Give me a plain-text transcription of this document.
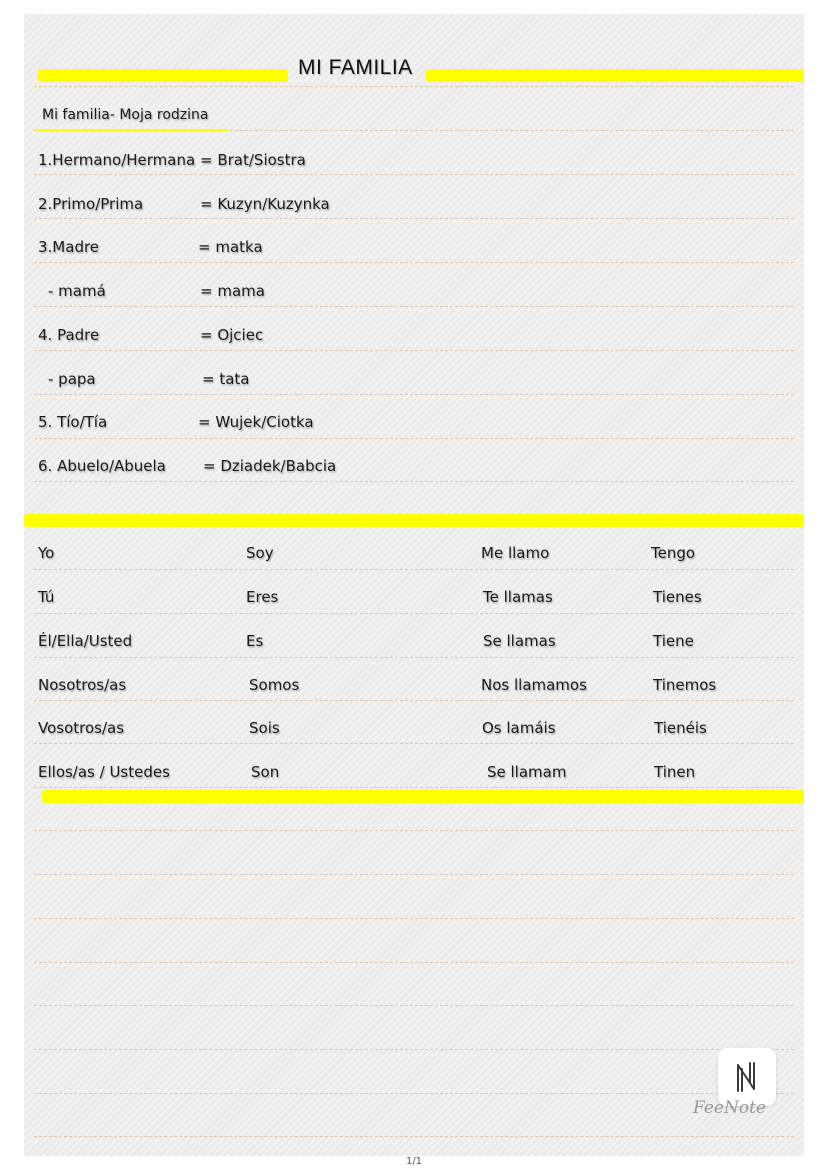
MI FAMILIA
Mi familia- Moja rodzina
1.Hermano/Hermana = Brat/Siostra
2.Primo/Prima	= Kuzyn/Kuzynka
3.Madre	= matka
- mamá	= mama
4. Padre	= Ojciec
- papa	= tata
5. Tío/Tía	= Wujek/Ciotka
6. Abuelo/Abuela = Dziadek/Babcia
Yo	Soy	Me llamo	Tengo
Tú	Eres	Te llamas	Tienes
Él/Ella/Usted	Es	Se llamas	Tiene
Nosotros/as	Somos	Nos llamamos	Tinemos
Vosotros/as	Sois	Os lamáis	Tienéis
Ellos/as / Ustedes	Son	Se llamam	Tinen
FeeNote
1/1
